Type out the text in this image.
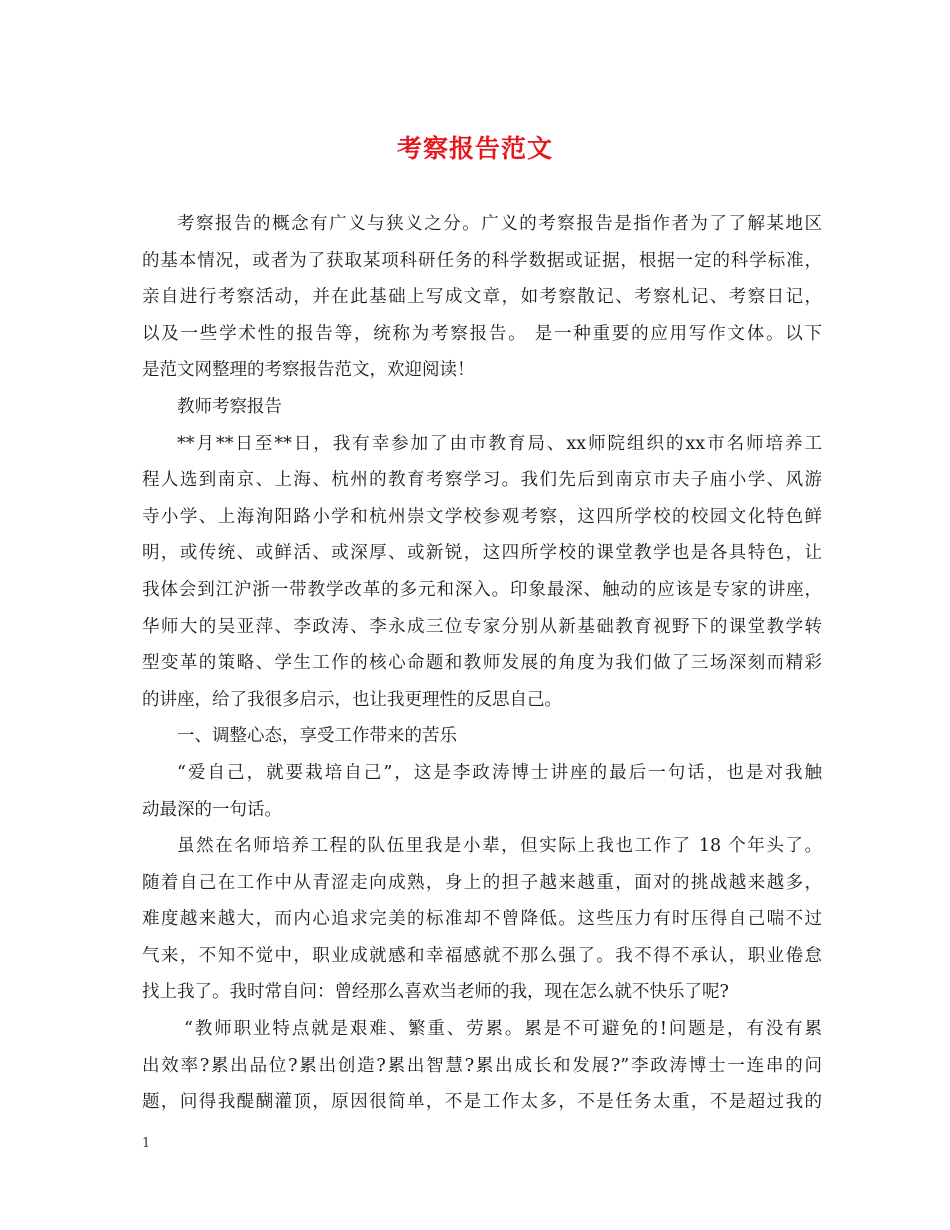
考察报告范文
考察报告的概念有广义与狭义之分。广义的考察报告是指作者为了了解某地区
的基本情况，或者为了获取某项科研任务的科学数据或证据，根据一定的科学标准，
亲自进行考察活动，并在此基础上写成文章，如考察散记、考察札记、考察日记，
以及一些学术性的报告等，统称为考察报告。 是一种重要的应用写作文体。以下
是范文网整理的考察报告范文，欢迎阅读！
教师考察报告
**月**日至**日，我有幸参加了由市教育局、xx师院组织的xx市名师培养工
程人选到南京、上海、杭州的教育考察学习。我们先后到南京市夫子庙小学、风游
寺小学、上海洵阳路小学和杭州崇文学校参观考察，这四所学校的校园文化特色鲜
明，或传统、或鲜活、或深厚、或新锐，这四所学校的课堂教学也是各具特色，让
我体会到江沪浙一带教学改革的多元和深入。印象最深、触动的应该是专家的讲座，
华师大的吴亚萍、李政涛、李永成三位专家分别从新基础教育视野下的课堂教学转
型变革的策略、学生工作的核心命题和教师发展的角度为我们做了三场深刻而精彩
的讲座，给了我很多启示，也让我更理性的反思自己。
一、调整心态，享受工作带来的苦乐
“爱自己，就要栽培自己”，这是李政涛博士讲座的最后一句话，也是对我触
动最深的一句话。
虽然在名师培养工程的队伍里我是小辈，但实际上我也工作了 18 个年头了。
随着自己在工作中从青涩走向成熟，身上的担子越来越重，面对的挑战越来越多，
难度越来越大，而内心追求完美的标准却不曾降低。这些压力有时压得自己喘不过
气来，不知不觉中，职业成就感和幸福感就不那么强了。我不得不承认，职业倦怠
找上我了。我时常自问：曾经那么喜欢当老师的我，现在怎么就不快乐了呢?
“教师职业特点就是艰难、繁重、劳累。累是不可避免的!问题是，有没有累
出效率?累出品位?累出创造?累出智慧?累出成长和发展?”李政涛博士一连串的问
题，问得我醍醐灌顶，原因很简单，不是工作太多，不是任务太重，不是超过我的
1
